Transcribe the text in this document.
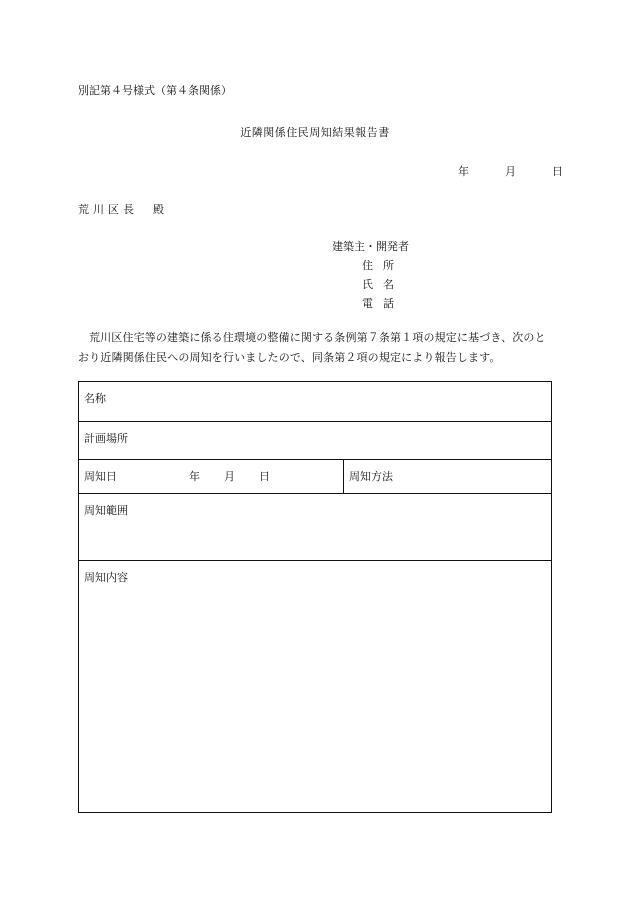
別記第４号様式（第４条関係）
近隣関係住民周知結果報告書
年	月	日
荒川区長　殿
建築主・開発者
住所
氏名
電話
荒川区住宅等の建築に係る住環境の整備に関する条例第７条第１項の規定に基づき、次のとおり近隣関係住民への周知を行いましたので、同条第２項の規定により報告します。
名称
計画場所
周知日	年 月 日	周知方法
周知範囲
周知内容
